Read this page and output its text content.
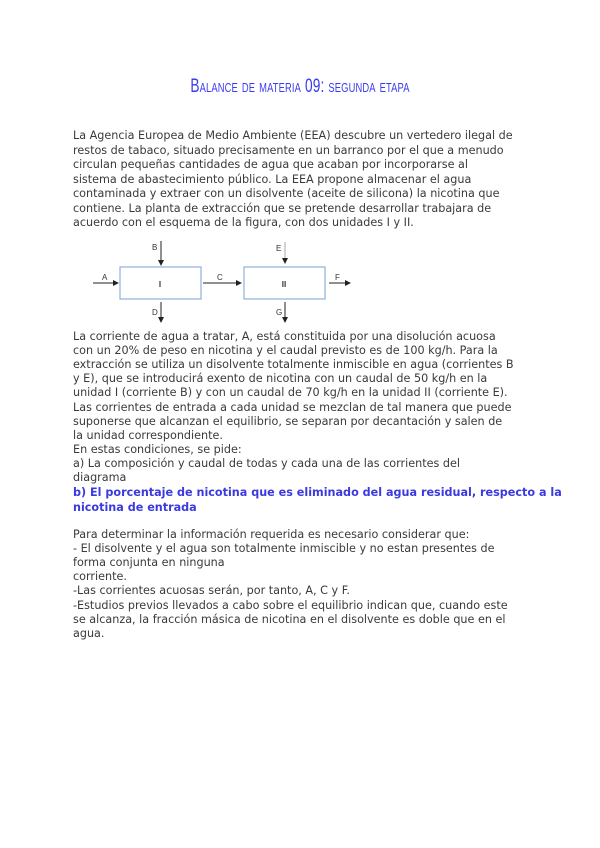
Balance de materia 09: segunda etapa
La Agencia Europea de Medio Ambiente (EEA) descubre un vertedero ilegal de
restos de tabaco, situado precisamente en un barranco por el que a menudo
circulan pequeñas cantidades de agua que acaban por incorporarse al
sistema de abastecimiento público. La EEA propone almacenar el agua
contaminada y extraer con un disolvente (aceite de silicona) la nicotina que
contiene. La planta de extracción que se pretende desarrollar trabajara de
acuerdo con el esquema de la figura, con dos unidades I y II.
I	II
A
B
C
D
E
F
G
La corriente de agua a tratar, A, está constituida por una disolución acuosa
con un 20% de peso en nicotina y el caudal previsto es de 100 kg/h. Para la
extracción se utiliza un disolvente totalmente inmiscible en agua (corrientes B
y E), que se introducirá exento de nicotina con un caudal de 50 kg/h en la
unidad I (corriente B) y con un caudal de 70 kg/h en la unidad II (corriente E).
Las corrientes de entrada a cada unidad se mezclan de tal manera que puede
suponerse que alcanzan el equilibrio, se separan por decantación y salen de
la unidad correspondiente.
En estas condiciones, se pide:
a) La composición y caudal de todas y cada una de las corrientes del
diagrama
b) El porcentaje de nicotina que es eliminado del agua residual, respecto a la
nicotina de entrada
Para determinar la información requerida es necesario considerar que:
- El disolvente y el agua son totalmente inmiscible y no estan presentes de
forma conjunta en ninguna
corriente.
-Las corrientes acuosas serán, por tanto, A, C y F.
-Estudios previos llevados a cabo sobre el equilibrio indican que, cuando este
se alcanza, la fracción másica de nicotina en el disolvente es doble que en el
agua.
